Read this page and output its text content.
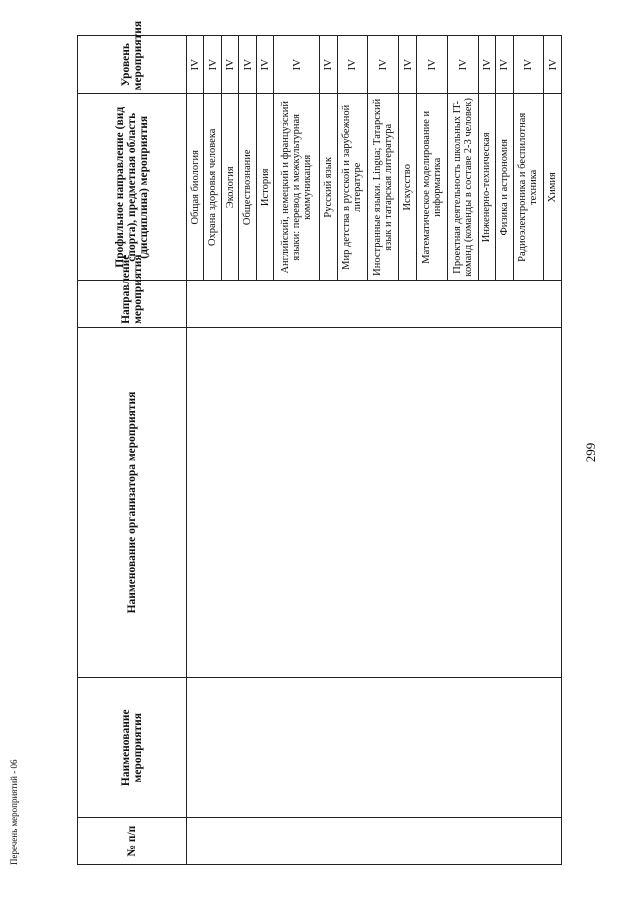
299
Перечень мероприятий - 06	№ п/п	Наименование мероприятия	Наименование организатора мероприятия	Направление мероприятия	Профильное направление (вид спорта), предметная область (дисциплина) мероприятия	Уровень мероприятия
				Общая биология	IV
				Охрана здоровья человека	IV
				Экология	IV
				Обществознание	IV
				История	IV
				Английский, немецкий и французский языки: перевод и межкультурная коммуникация	IV
				Русский язык	IV
				Мир детства в русской и зарубежной литературе	IV
				Иностранные языки. Lingua; Татарский язык и татарская литература	IV
				Искусство	IV
				Математическое моделирование и информатика	IV
				Проектная деятельность школьных IT- команд (команды в составе 2-3 человек)	IV
				Инженерно-техническая	IV
				Физика и астрономия	IV
				Радиоэлектроника и беспилотная техника	IV
				Химия	IV
